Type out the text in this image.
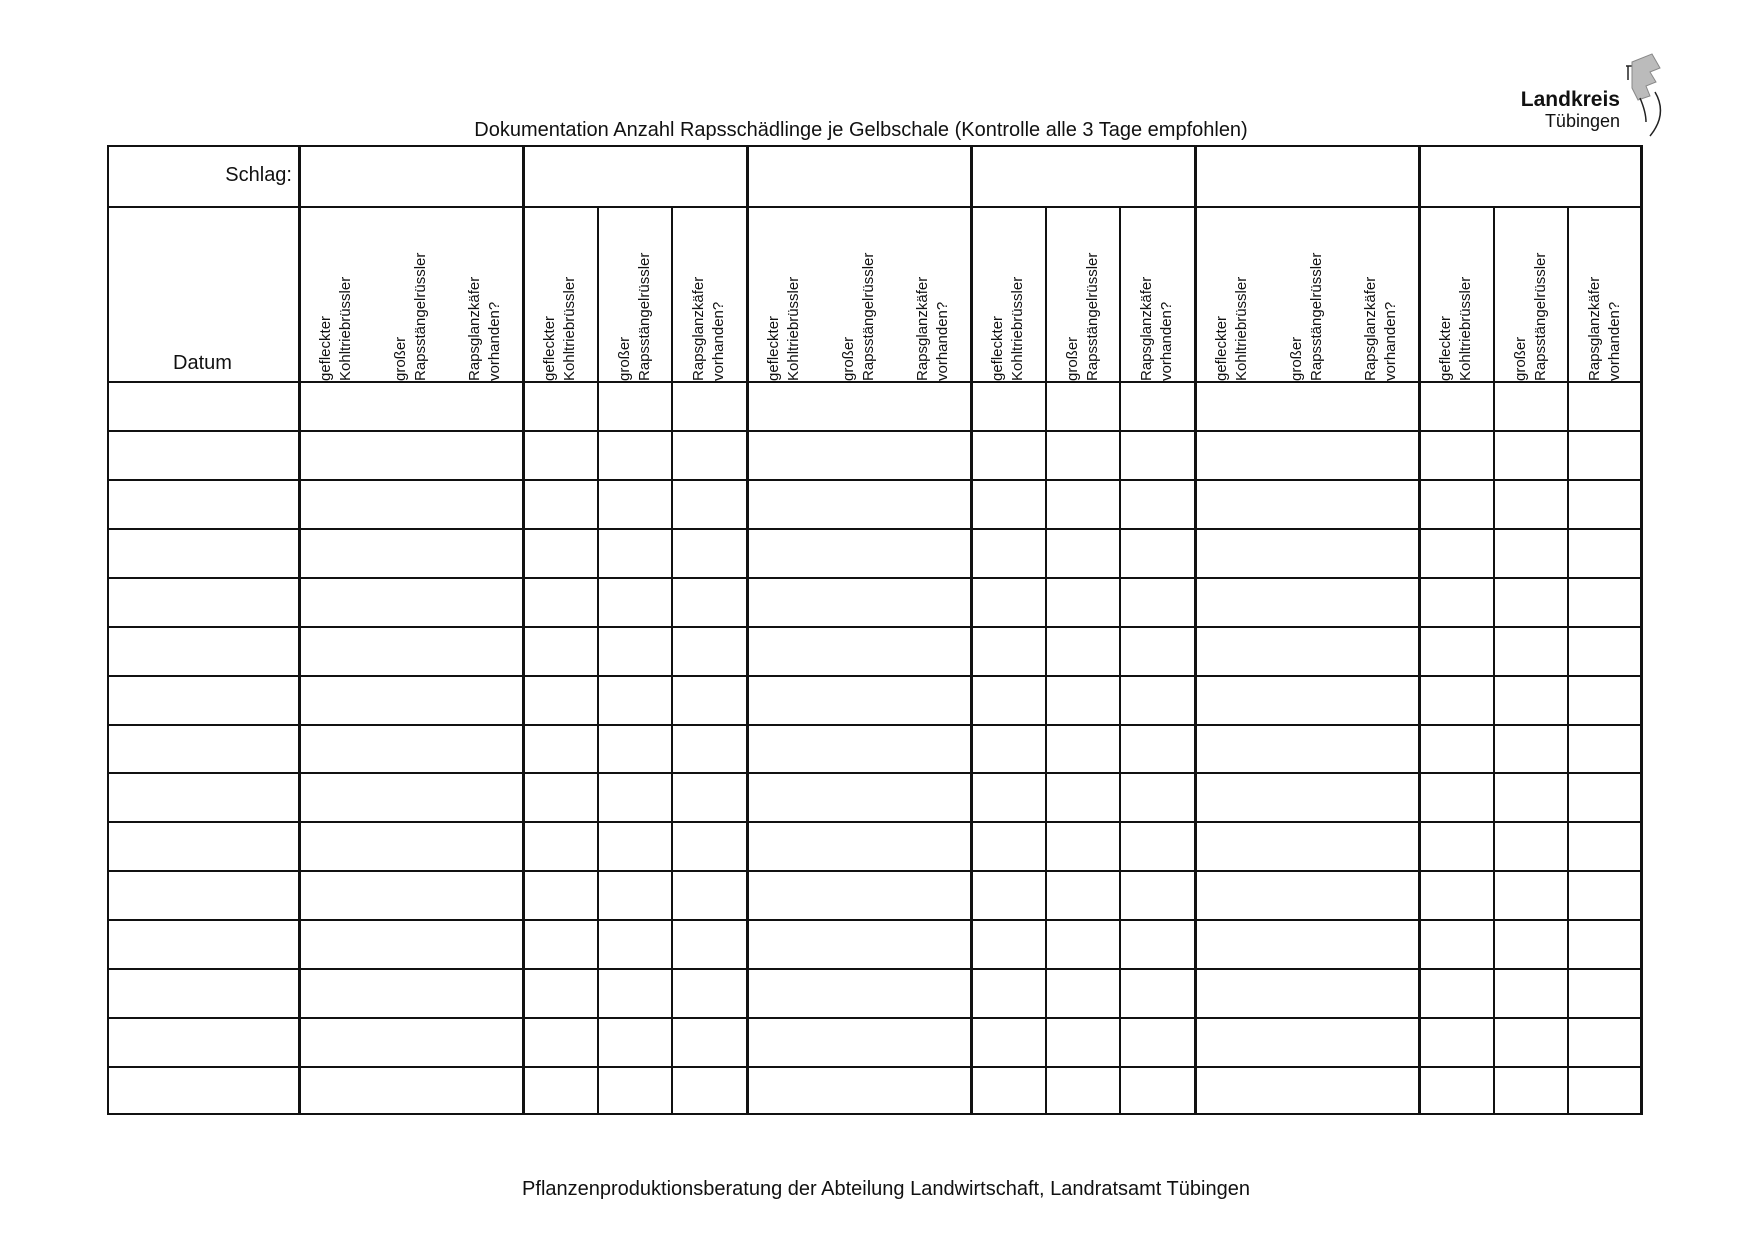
Dokumentation Anzahl Rapsschädlinge je Gelbschale (Kontrolle alle 3 Tage empfohlen)
Landkreis
Tübingen
Schlag:
Datum	gefleckter Kohltriebrüssler	großer Rapsstängelrüssler	Rapsglanzkäfer vorhanden?	gefleckter Kohltriebrüssler	großer Rapsstängelrüssler	Rapsglanzkäfer vorhanden?	gefleckter Kohltriebrüssler	großer Rapsstängelrüssler	Rapsglanzkäfer vorhanden?	gefleckter Kohltriebrüssler	großer Rapsstängelrüssler	Rapsglanzkäfer vorhanden?	gefleckter Kohltriebrüssler	großer Rapsstängelrüssler	Rapsglanzkäfer vorhanden?	gefleckter Kohltriebrüssler	großer Rapsstängelrüssler	Rapsglanzkäfer vorhanden?
Pflanzenproduktionsberatung der Abteilung Landwirtschaft, Landratsamt Tübingen
